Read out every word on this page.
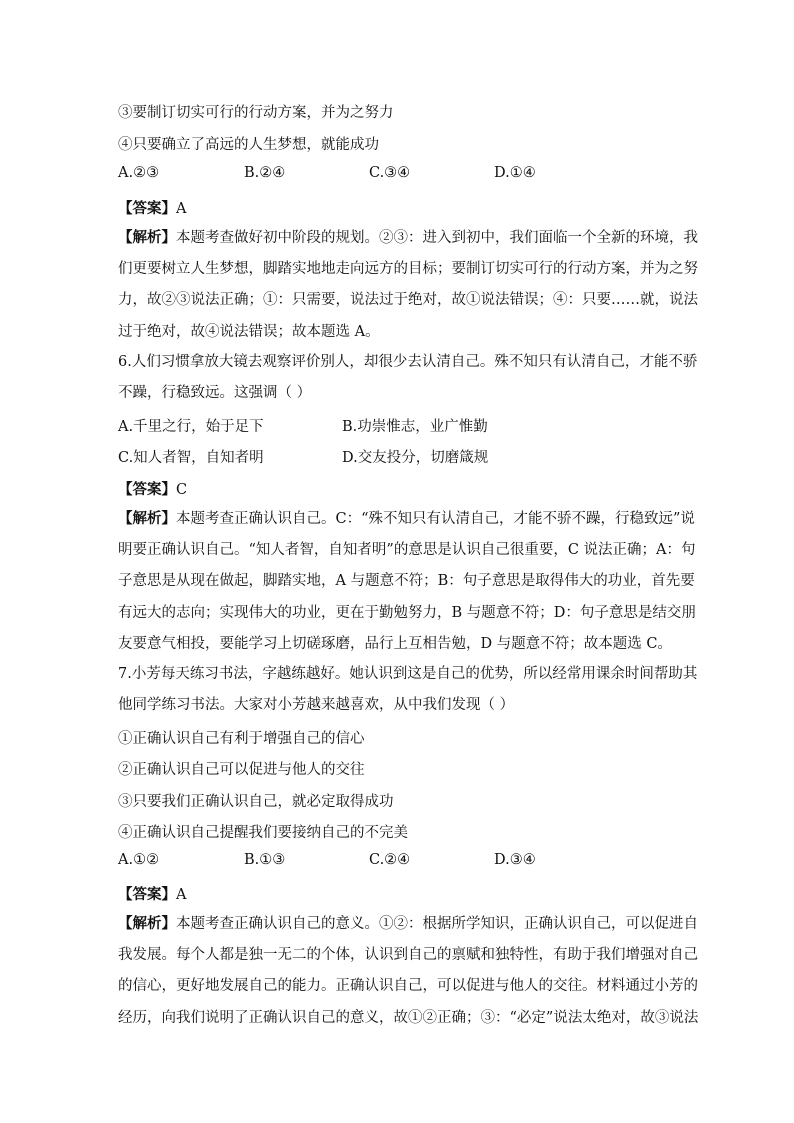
③要制订切实可行的行动方案，并为之努力
④只要确立了高远的人生梦想，就能成功
A.②③	B.②④	C.③④	D.①④
【答案】A
【解析】本题考查做好初中阶段的规划。②③：进入到初中，我们面临一个全新的环境，我
们更要树立人生梦想，脚踏实地地走向远方的目标；要制订切实可行的行动方案，并为之努
力，故②③说法正确；①：只需要，说法过于绝对，故①说法错误；④：只要……就，说法
过于绝对，故④说法错误；故本题选 A。
6.人们习惯拿放大镜去观察评价别人，却很少去认清自己。殊不知只有认清自己，才能不骄
不躁，行稳致远。这强调（ ）
A.千里之行，始于足下	B.功崇惟志，业广惟勤
C.知人者智，自知者明	D.交友投分，切磨箴规
【答案】C
【解析】本题考查正确认识自己。C：“殊不知只有认清自己，才能不骄不躁，行稳致远”说
明要正确认识自己。“知人者智，自知者明”的意思是认识自己很重要，C 说法正确；A：句
子意思是从现在做起，脚踏实地，A 与题意不符；B：句子意思是取得伟大的功业，首先要
有远大的志向；实现伟大的功业，更在于勤勉努力，B 与题意不符；D：句子意思是结交朋
友要意气相投，要能学习上切磋琢磨，品行上互相告勉，D 与题意不符；故本题选 C。
7.小芳每天练习书法，字越练越好。她认识到这是自己的优势，所以经常用课余时间帮助其
他同学练习书法。大家对小芳越来越喜欢，从中我们发现（ ）
①正确认识自己有利于增强自己的信心
②正确认识自己可以促进与他人的交往
③只要我们正确认识自己，就必定取得成功
④正确认识自己提醒我们要接纳自己的不完美
A.①②	B.①③	C.②④	D.③④
【答案】A
【解析】本题考查正确认识自己的意义。①②：根据所学知识，正确认识自己，可以促进自
我发展。每个人都是独一无二的个体，认识到自己的禀赋和独特性，有助于我们增强对自己
的信心，更好地发展自己的能力。正确认识自己，可以促进与他人的交往。材料通过小芳的
经历，向我们说明了正确认识自己的意义，故①②正确；③：“必定”说法太绝对，故③说法
